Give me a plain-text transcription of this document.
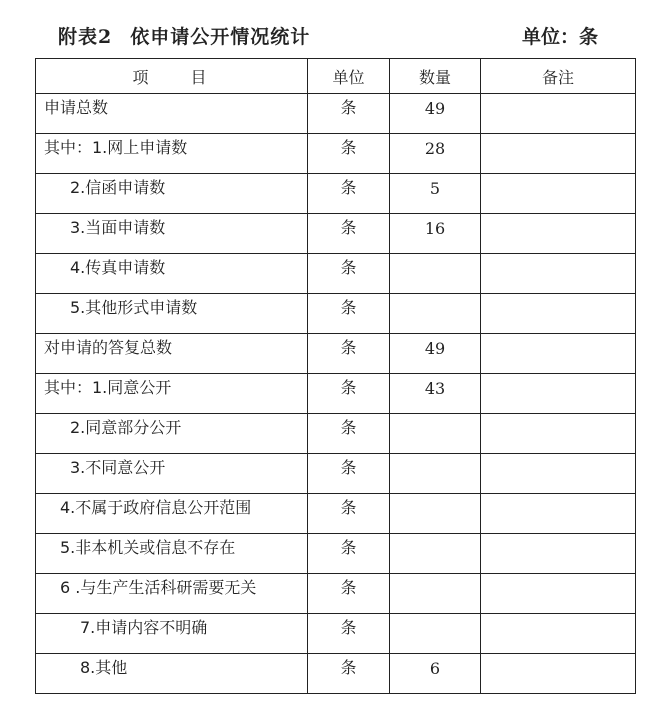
附表2 依申请公开情况统计	单位：条
项 目	单位	数量	备注
申请总数	条	49	
其中：1.网上申请数	条	28	
2.信函申请数	条	5	
3.当面申请数	条	16	
4.传真申请数	条		
5.其他形式申请数	条		
对申请的答复总数	条	49	
其中：1.同意公开	条	43	
2.同意部分公开	条		
3.不同意公开	条		
4.不属于政府信息公开范围	条		
5.非本机关或信息不存在	条		
6 .与生产生活科研需要无关	条		
7.申请内容不明确	条		
8.其他	条	6	
